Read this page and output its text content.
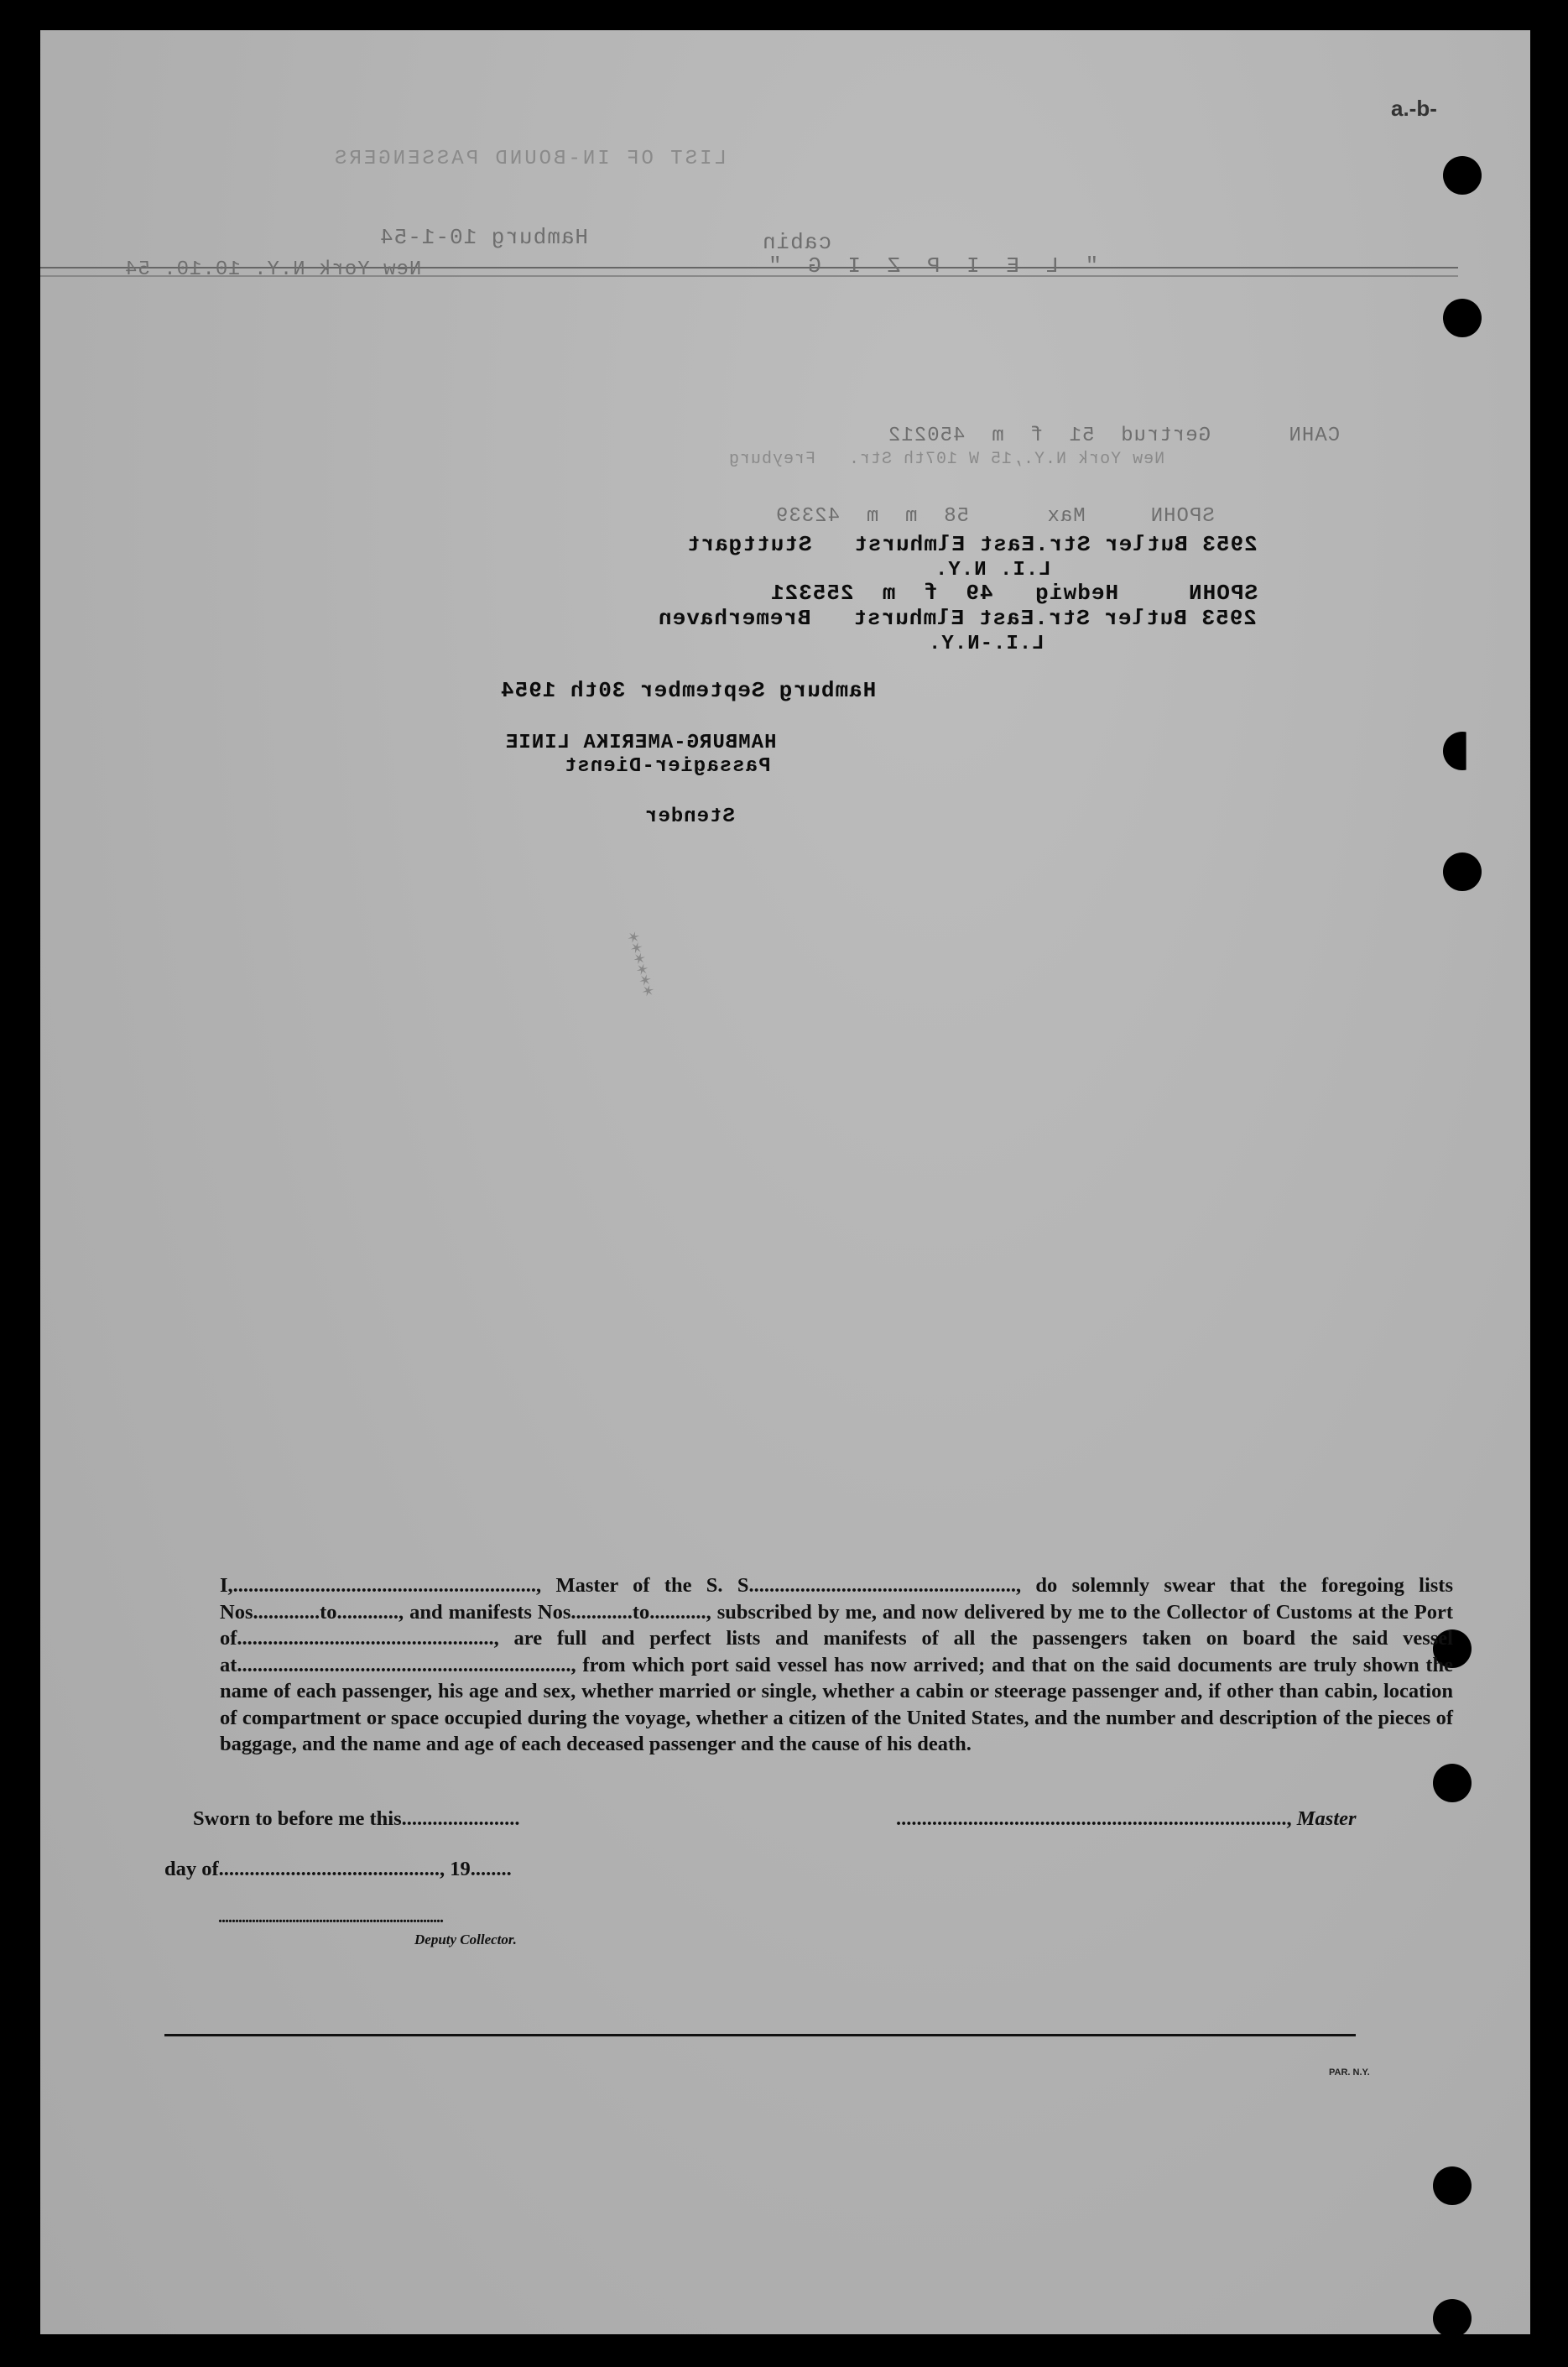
a.-b-
LIST OF IN-BOUND PASSENGERS
cabin
Hamburg 10-1-54
" L E I P Z I G "
New York N.Y. 10.10. 54
CAHN      Gertrud  51  f  m  450212
New York N.Y.,15 W 107th Str.   Freyburg
SPOHN     Max      58  m  m  42339
2953 Butler Str.East Elmhurst   Stuttgart
L.I. N.Y.
SPOHN     Hedwig   49  f  m  255321
2953 Butler Str.East Elmhurst   Bremerhaven
L.I.-N.Y.
Hamburg September 30th 1954
HAMBURG-AMERIKA LINIE
Passagier-Dienst
Stender
✶✶✶✶✶✶

I,..........................................................., Master of the S. S...................................................., do solemnly swear that the foregoing lists Nos.............to............, and manifests Nos............to..........., subscribed by me, and now delivered by me to the Collector of Customs at the Port of.................................................., are full and perfect lists and manifests of all the passengers taken on board the said vessel at................................................................., from which port said vessel has now arrived; and that on the said documents are truly shown the name of each passenger, his age and sex, whether married or single, whether a cabin or steerage passenger and, if other than cabin, location of compartment or space occupied during the voyage, whether a citizen of the United States, and the number and description of the pieces of baggage, and the name and age of each deceased passenger and the cause of his death.

Sworn to before me this.......................	............................................................................, Master
day of..........................................., 19........
...................................................................
Deputy Collector.
PAR. N.Y.
